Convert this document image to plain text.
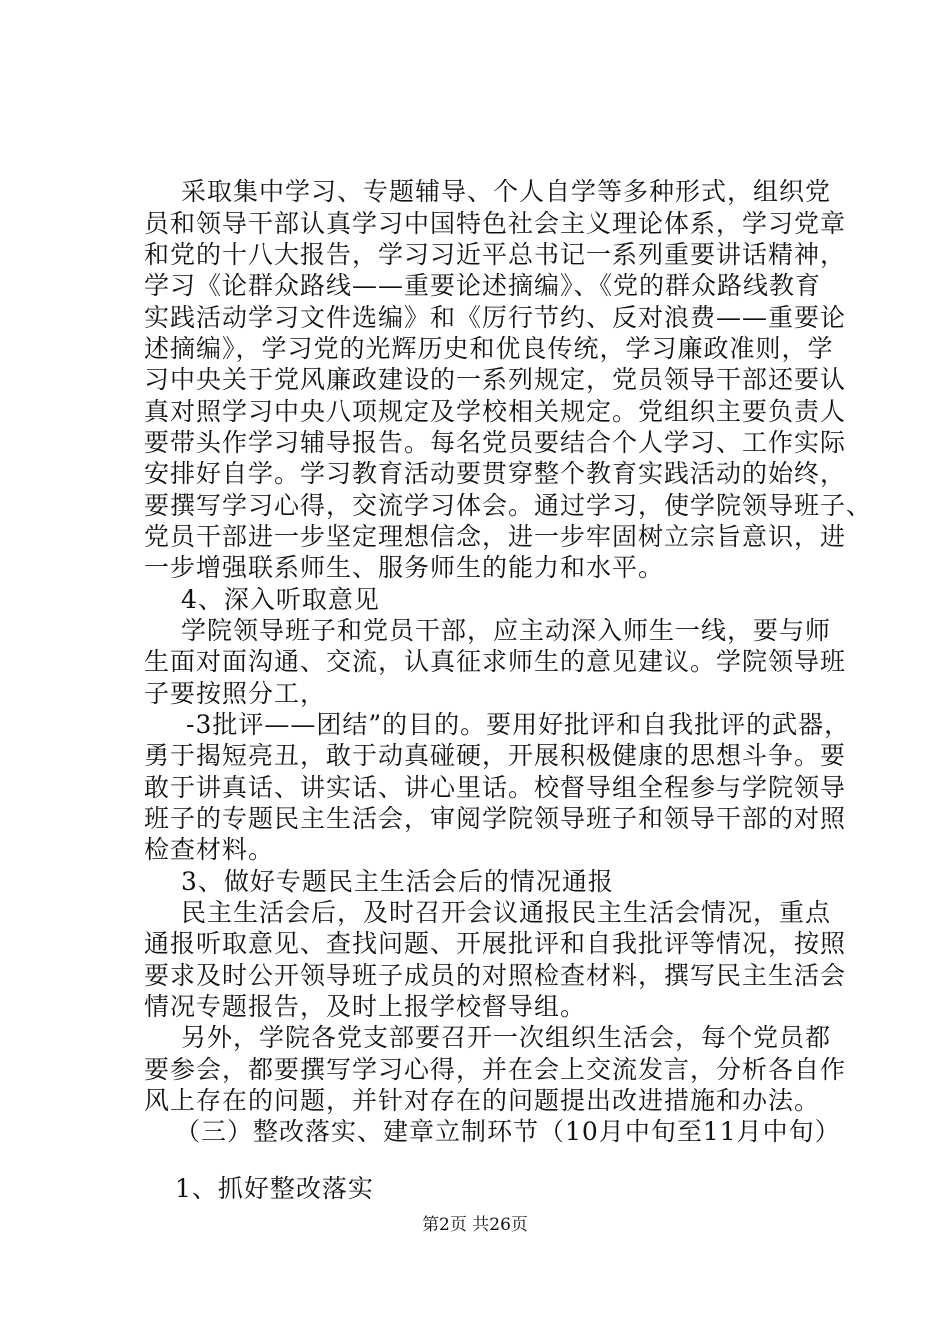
采取集中学习、专题辅导、个人自学等多种形式，组织党
员和领导干部认真学习中国特色社会主义理论体系，学习党章
和党的十八大报告，学习习近平总书记一系列重要讲话精神，
学习《论群众路线——重要论述摘编》、《党的群众路线教育
实践活动学习文件选编》和《厉行节约、反对浪费——重要论
述摘编》，学习党的光辉历史和优良传统，学习廉政准则，学
习中央关于党风廉政建设的一系列规定，党员领导干部还要认
真对照学习中央八项规定及学校相关规定。党组织主要负责人
要带头作学习辅导报告。每名党员要结合个人学习、工作实际
安排好自学。学习教育活动要贯穿整个教育实践活动的始终，
要撰写学习心得，交流学习体会。通过学习，使学院领导班子、
党员干部进一步坚定理想信念，进一步牢固树立宗旨意识，进
一步增强联系师生、服务师生的能力和水平。
4、深入听取意见
学院领导班子和党员干部，应主动深入师生一线，要与师
生面对面沟通、交流，认真征求师生的意见建议。学院领导班
子要按照分工，
-3批评——团结”的目的。要用好批评和自我批评的武器，
勇于揭短亮丑，敢于动真碰硬，开展积极健康的思想斗争。要
敢于讲真话、讲实话、讲心里话。校督导组全程参与学院领导
班子的专题民主生活会，审阅学院领导班子和领导干部的对照
检查材料。
3、做好专题民主生活会后的情况通报
民主生活会后，及时召开会议通报民主生活会情况，重点
通报听取意见、查找问题、开展批评和自我批评等情况，按照
要求及时公开领导班子成员的对照检查材料，撰写民主生活会
情况专题报告，及时上报学校督导组。
另外，学院各党支部要召开一次组织生活会，每个党员都
要参会，都要撰写学习心得，并在会上交流发言，分析各自作
风上存在的问题，并针对存在的问题提出改进措施和办法。
（三）整改落实、建章立制环节（10月中旬至11月中旬）
1、抓好整改落实
第2页 共26页
